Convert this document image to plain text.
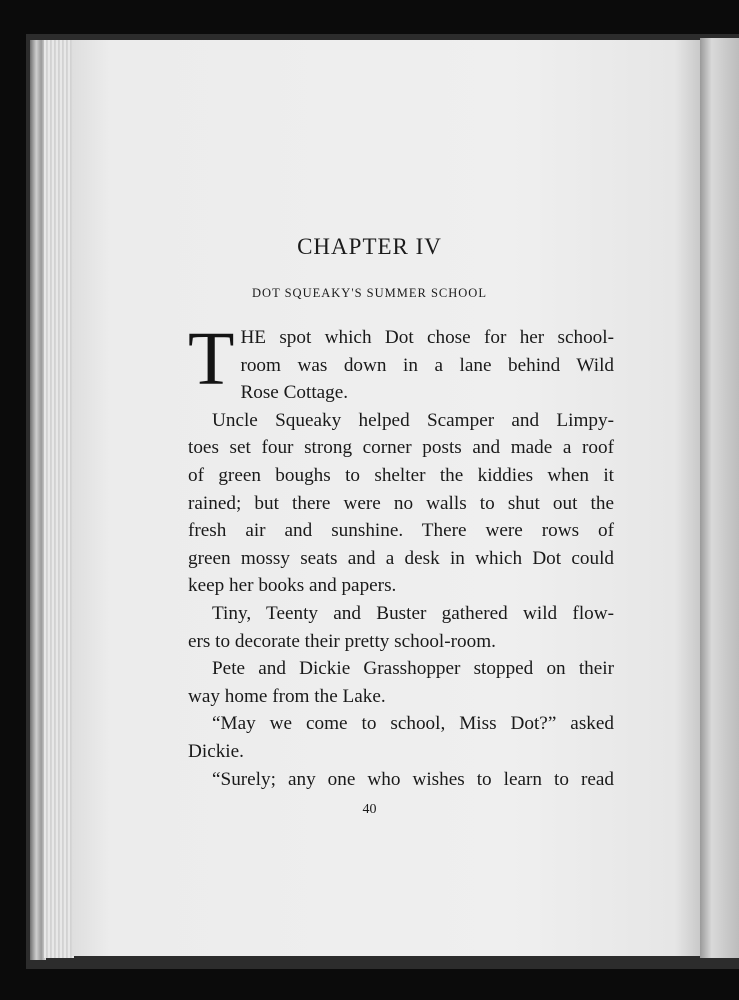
CHAPTER IV
DOT SQUEAKY'S SUMMER SCHOOL

T HE spot which Dot chose for her school-
room was down in a lane behind Wild
Rose Cottage.

Uncle Squeaky helped Scamper and Limpy-
toes set four strong corner posts and made a roof
of green boughs to shelter the kiddies when it
rained; but there were no walls to shut out the
fresh air and sunshine. There were rows of
green mossy seats and a desk in which Dot could
keep her books and papers.

Tiny, Teenty and Buster gathered wild flow-
ers to decorate their pretty school-room.

Pete and Dickie Grasshopper stopped on their
way home from the Lake.

“May we come to school, Miss Dot?” asked
Dickie.

“Surely; any one who wishes to learn to read

40
